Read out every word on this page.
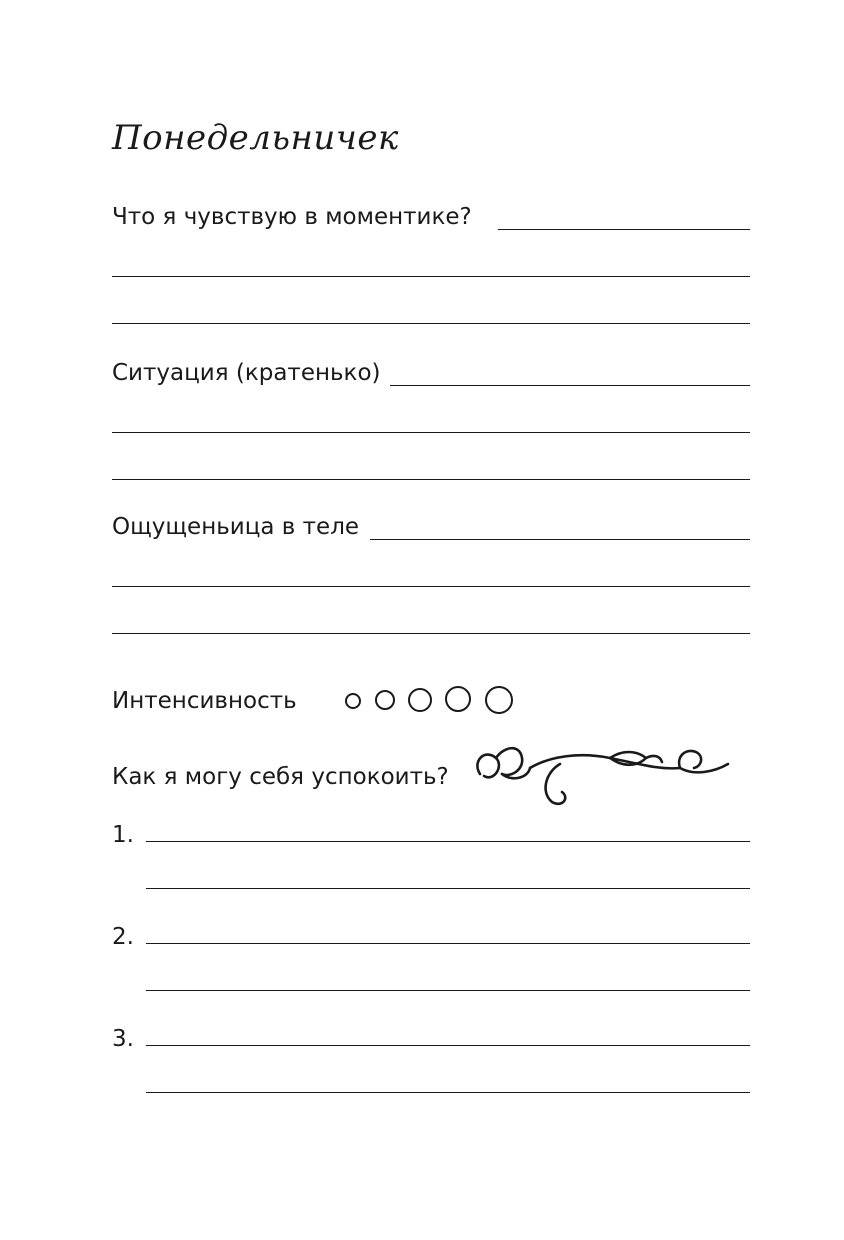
Понедельничек
Что я чувствую в моментике?
Ситуация (кратенько)
Ощущеньица в теле
Интенсивность
Как я могу себя успокоить?
1.
2.
3.
